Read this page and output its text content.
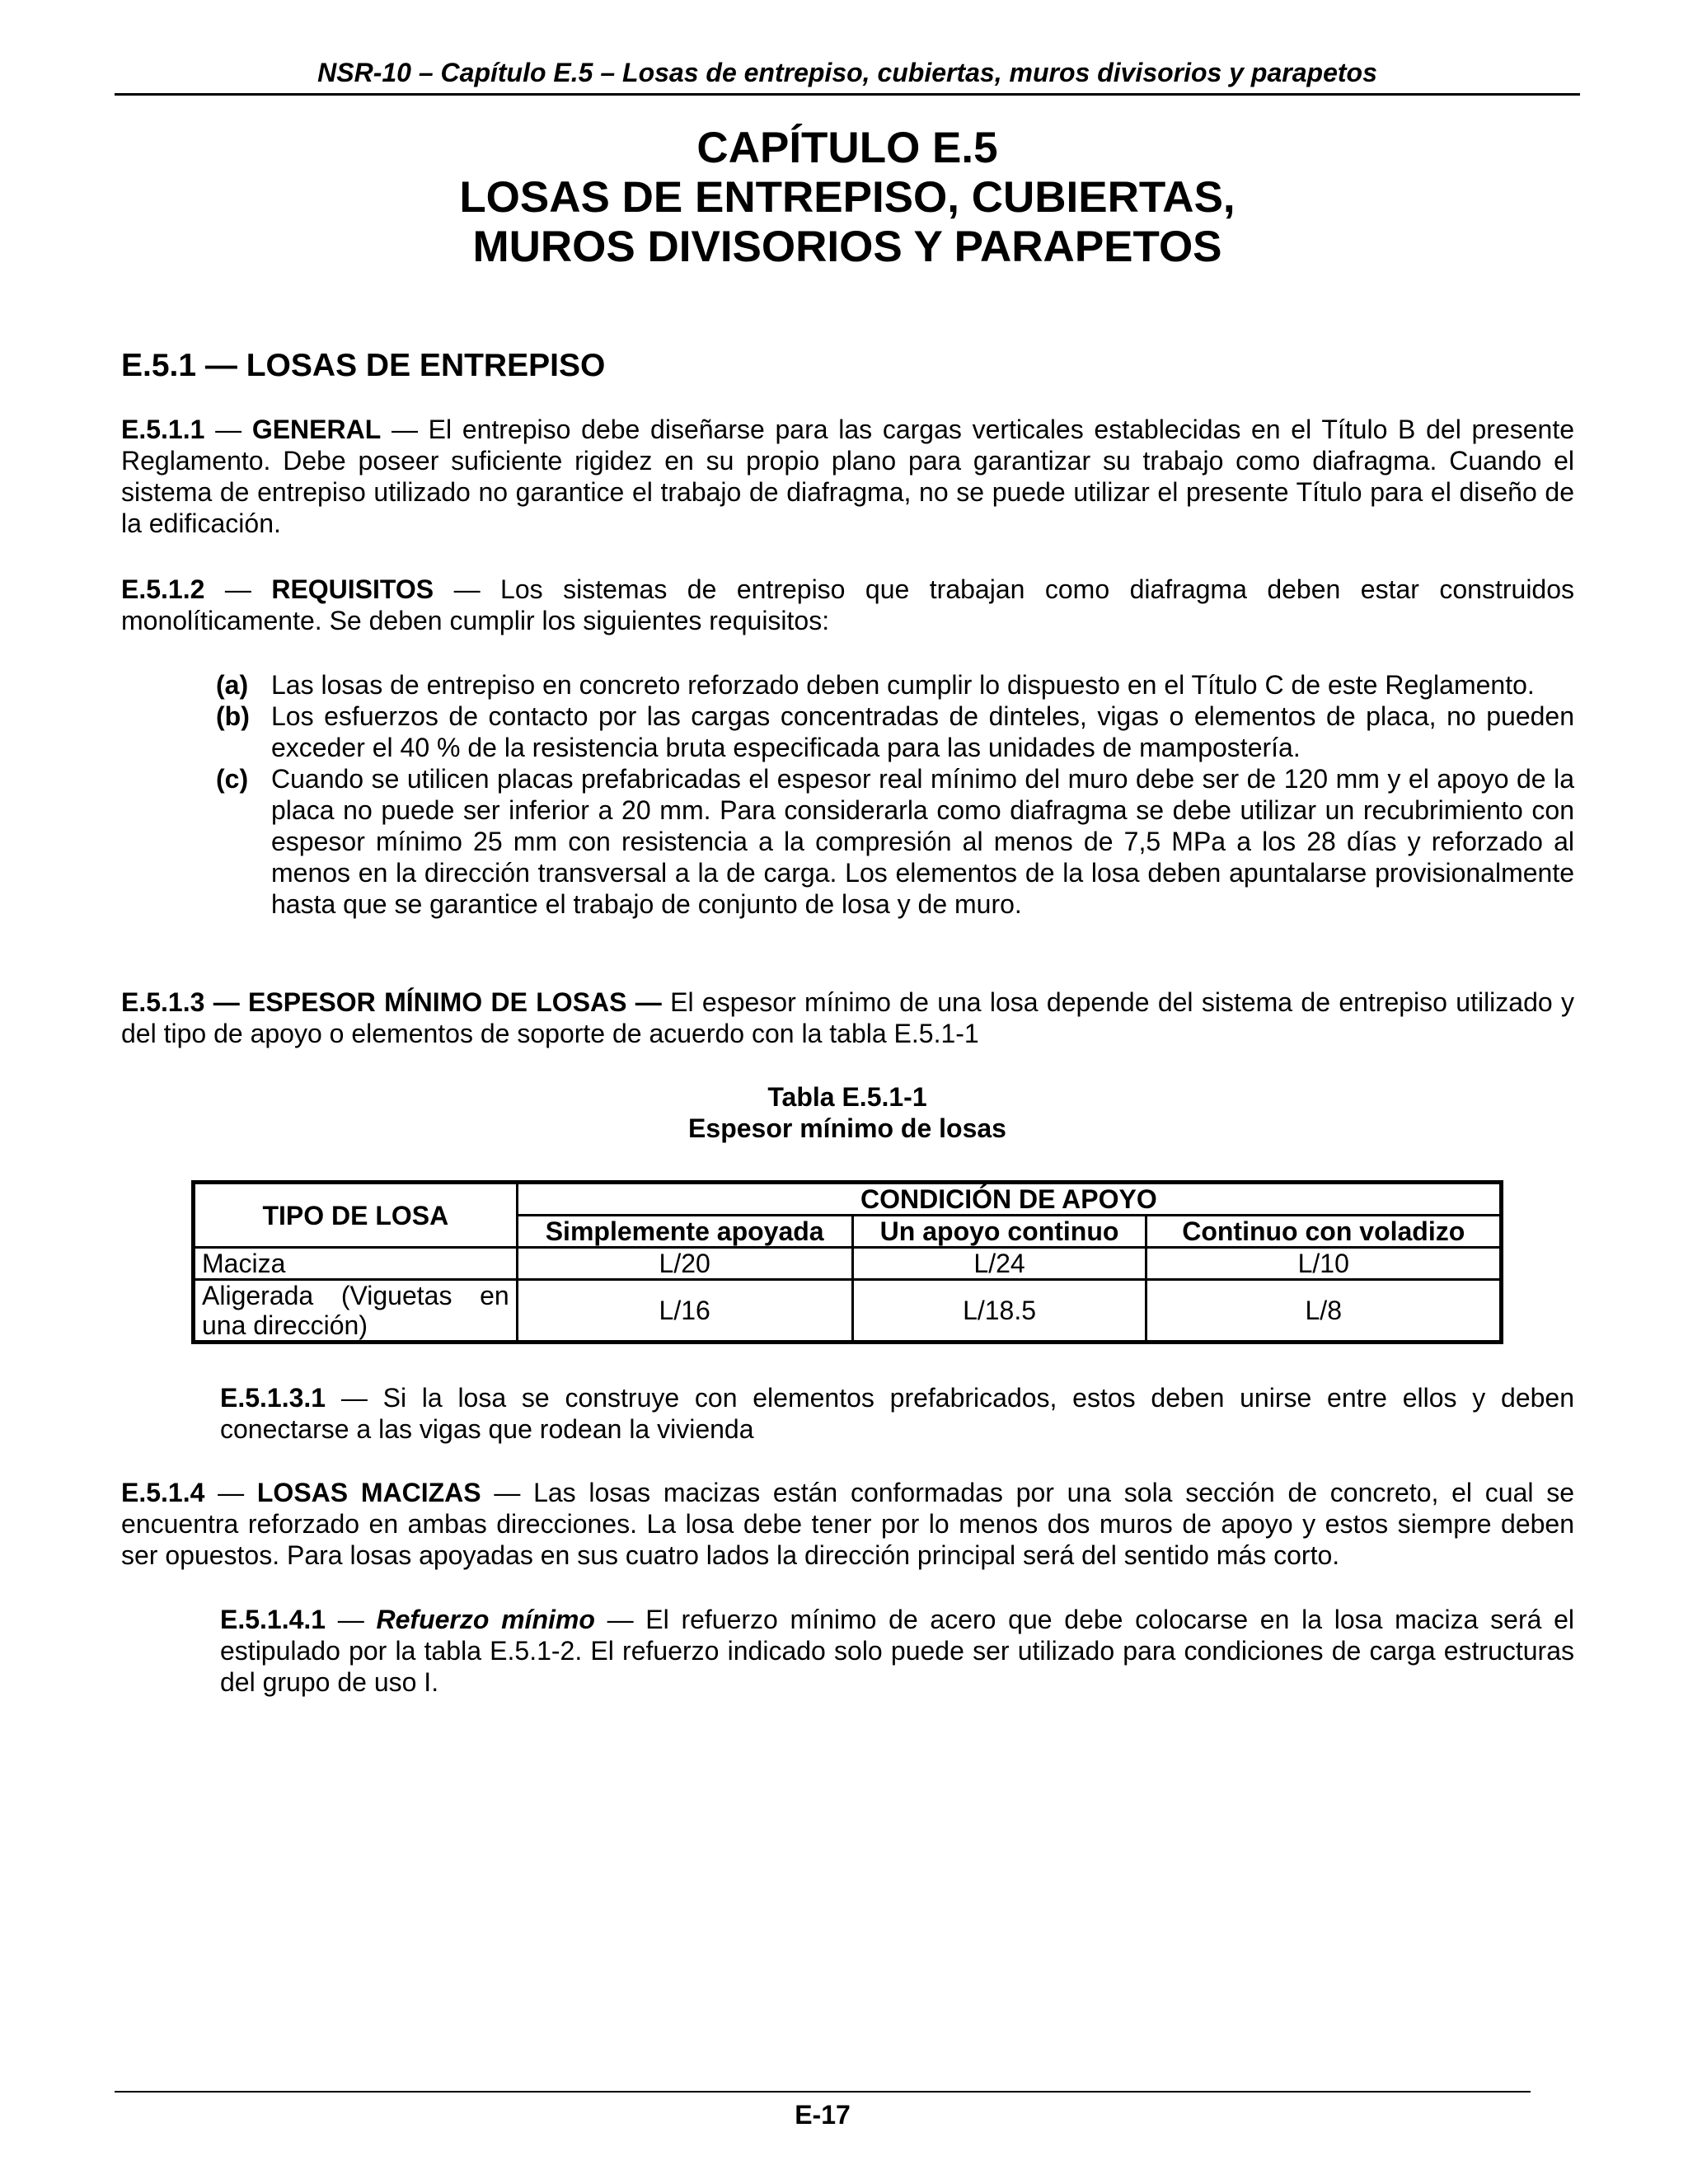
NSR-10 – Capítulo E.5 – Losas de entrepiso, cubiertas, muros divisorios y parapetos
CAPÍTULO E.5
LOSAS DE ENTREPISO, CUBIERTAS,
MUROS DIVISORIOS Y PARAPETOS
E.5.1 — LOSAS DE ENTREPISO
E.5.1.1 — GENERAL — El entrepiso debe diseñarse para las cargas verticales establecidas en el Título B del presente Reglamento. Debe poseer suficiente rigidez en su propio plano para garantizar su trabajo como diafragma. Cuando el sistema de entrepiso utilizado no garantice el trabajo de diafragma, no se puede utilizar el presente Título para el diseño de la edificación.
E.5.1.2 — REQUISITOS — Los sistemas de entrepiso que trabajan como diafragma deben estar construidos monolíticamente. Se deben cumplir los siguientes requisitos:
(a) Las losas de entrepiso en concreto reforzado deben cumplir lo dispuesto en el Título C de este Reglamento.
(b) Los esfuerzos de contacto por las cargas concentradas de dinteles, vigas o elementos de placa, no pueden exceder el 40 % de la resistencia bruta especificada para las unidades de mampostería.
(c) Cuando se utilicen placas prefabricadas el espesor real mínimo del muro debe ser de 120 mm y el apoyo de la placa no puede ser inferior a 20 mm. Para considerarla como diafragma se debe utilizar un recubrimiento con espesor mínimo 25 mm con resistencia a la compresión al menos de 7,5 MPa a los 28 días y reforzado al menos en la dirección transversal a la de carga. Los elementos de la losa deben apuntalarse provisionalmente hasta que se garantice el trabajo de conjunto de losa y de muro.
E.5.1.3 — ESPESOR MÍNIMO DE LOSAS — El espesor mínimo de una losa depende del sistema de entrepiso utilizado y del tipo de apoyo o elementos de soporte de acuerdo con la tabla E.5.1-1
Tabla E.5.1-1
Espesor mínimo de losas
TIPO DE LOSA	CONDICIÓN DE APOYO		
	Simplemente apoyada	Un apoyo continuo	Continuo con voladizo
Maciza	L/20	L/24	L/10
Aligerada (Viguetas en una dirección)	L/16	L/18.5	L/8
E.5.1.3.1 — Si la losa se construye con elementos prefabricados, estos deben unirse entre ellos y deben conectarse a las vigas que rodean la vivienda
E.5.1.4 — LOSAS MACIZAS — Las losas macizas están conformadas por una sola sección de concreto, el cual se encuentra reforzado en ambas direcciones. La losa debe tener por lo menos dos muros de apoyo y estos siempre deben ser opuestos. Para losas apoyadas en sus cuatro lados la dirección principal será del sentido más corto.
E.5.1.4.1 — Refuerzo mínimo — El refuerzo mínimo de acero que debe colocarse en la losa maciza será el estipulado por la tabla E.5.1-2. El refuerzo indicado solo puede ser utilizado para condiciones de carga estructuras del grupo de uso I.
E-17
